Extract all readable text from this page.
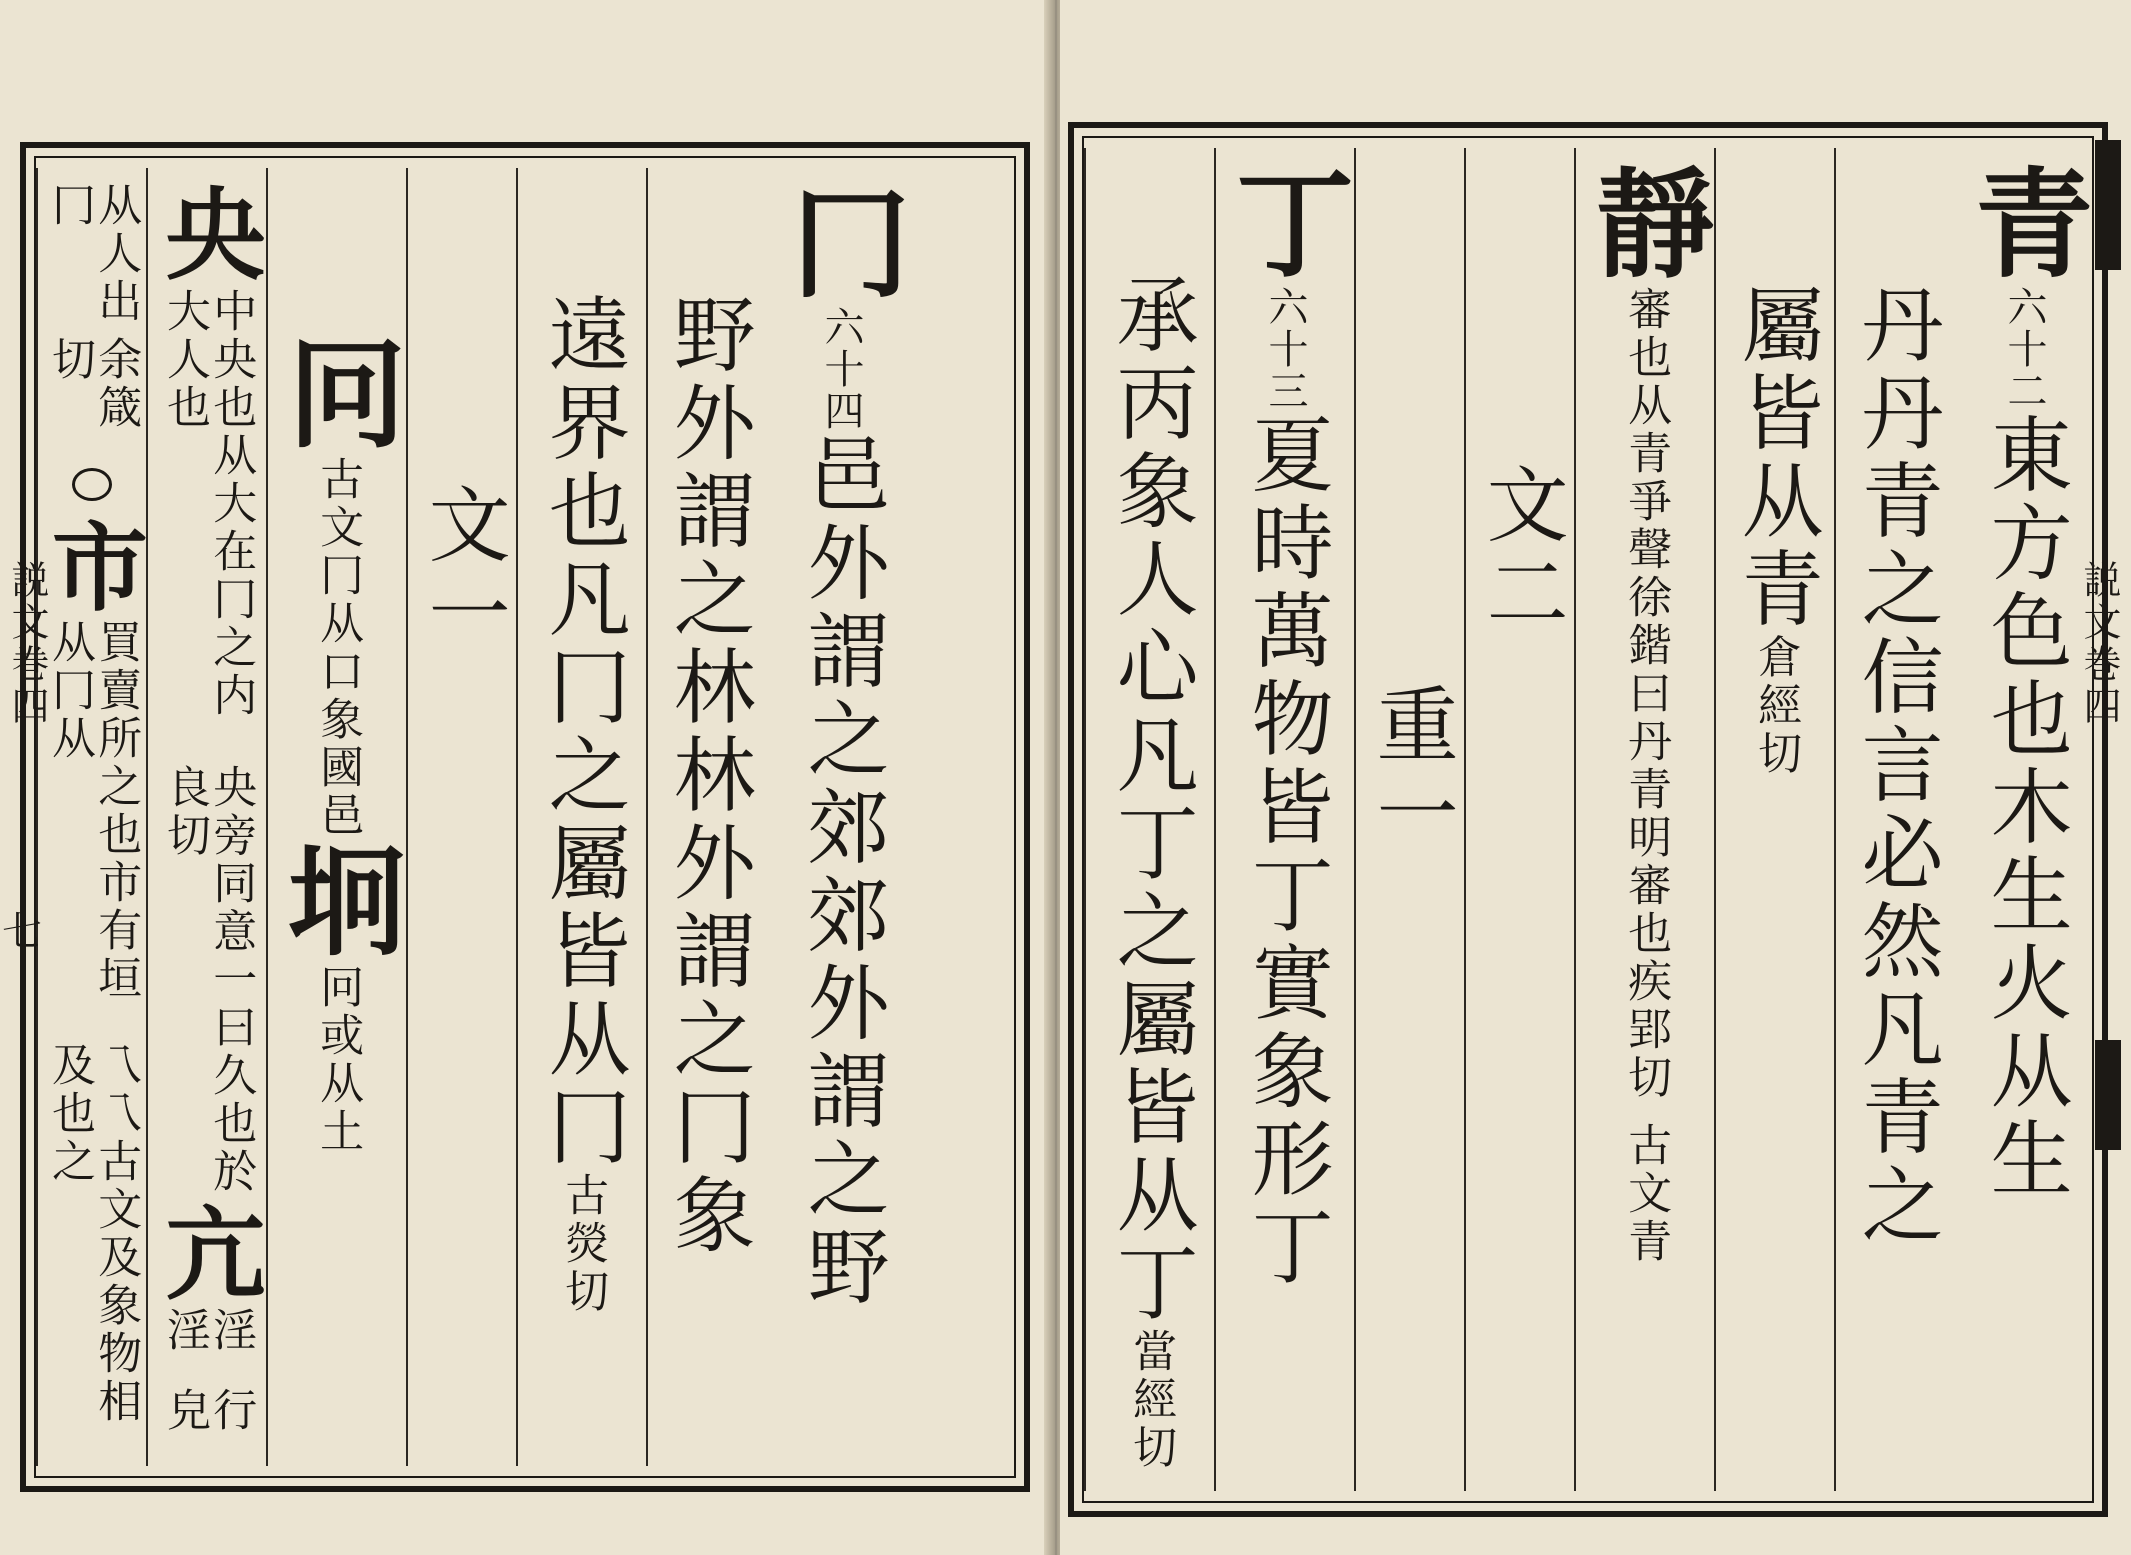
冂
六十四
邑外謂之郊郊外謂之野
野外謂之林林外謂之冂象
遠界也凡冂之屬皆从冂
古熒
切
文一
冋
古文冂从
口象國邑
坰
冋或
从土
央
中央也从大在冂之内大人也
央旁同意一曰久也於良切
亢
淫淫
行皃
从人出冂
余箴切
市
買賣所之也市有垣从冂从
乁乁古文及象物相及也之
説文巻四
七
青
六十二
東方色也木生火从生
丹丹青之信言必然凡青之
屬皆从青
倉經
切
靜
審也从青爭聲徐鍇曰
丹青明審也疾郢切
古文青
文二
重一
丁
六十三
夏時萬物皆丁實象形丁
承丙象人心凡丁之屬皆从丁
當經
切
説文巻四
